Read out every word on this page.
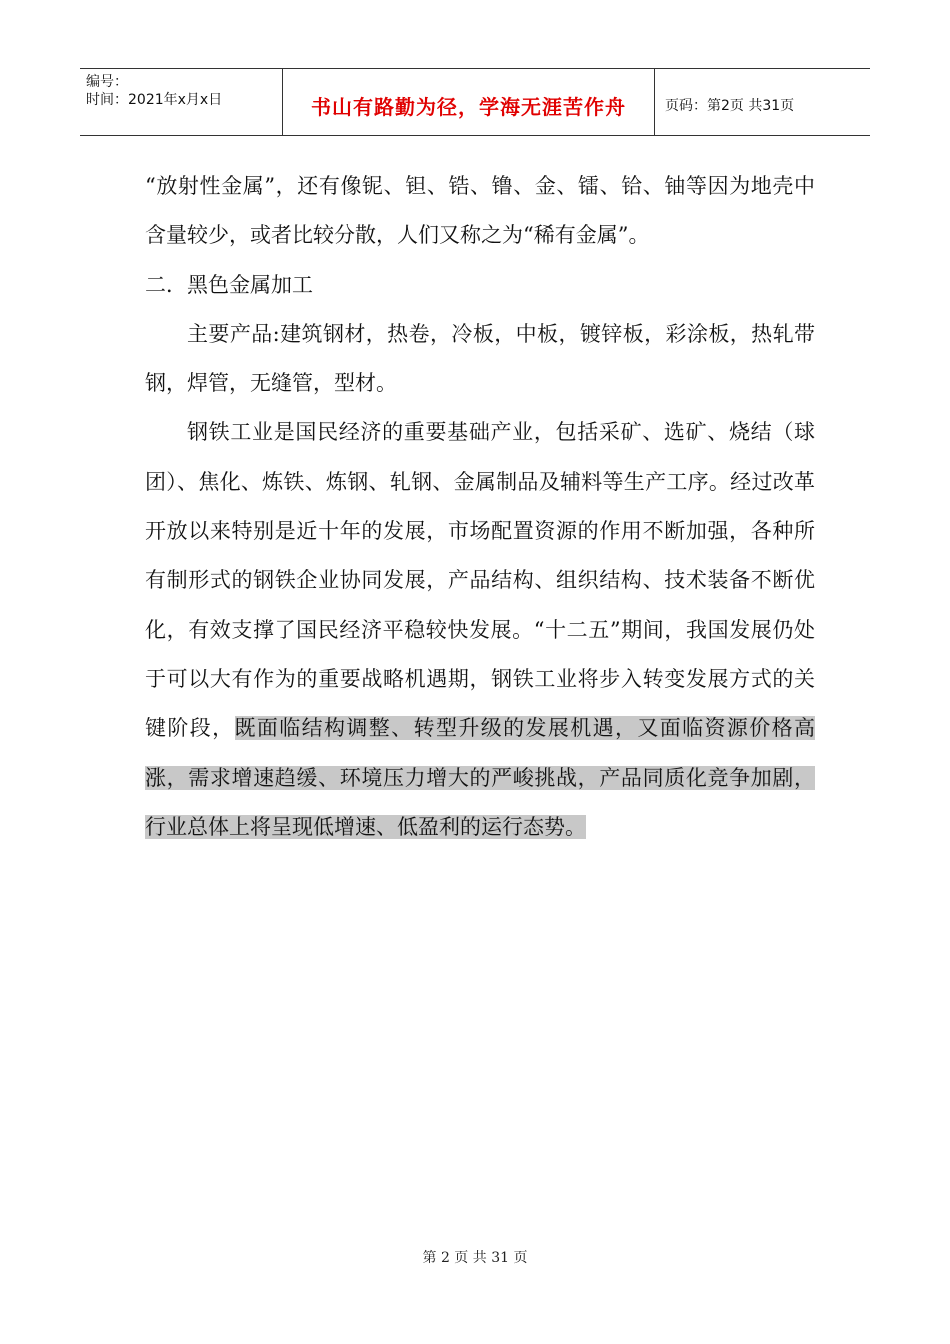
编号：
时间：2021年x月x日	书山有路勤为径，学海无涯苦作舟	页码：第2页 共31页

“放射性金属”，还有像铌、钽、锆、镥、金、镭、铪、铀等因为地壳中含量较少，或者比较分散，人们又称之为“稀有金属”。

二．黑色金属加工

主要产品:建筑钢材，热卷，冷板，中板，镀锌板，彩涂板，热轧带钢，焊管，无缝管，型材。

钢铁工业是国民经济的重要基础产业，包括采矿、选矿、烧结（球团）、焦化、炼铁、炼钢、轧钢、金属制品及辅料等生产工序。经过改革开放以来特别是近十年的发展，市场配置资源的作用不断加强，各种所有制形式的钢铁企业协同发展，产品结构、组织结构、技术装备不断优化，有效支撑了国民经济平稳较快发展。“十二五”期间，我国发展仍处于可以大有作为的重要战略机遇期，钢铁工业将步入转变发展方式的关键阶段，既面临结构调整、转型升级的发展机遇，又面临资源价格高涨，需求增速趋缓、环境压力增大的严峻挑战，产品同质化竞争加剧，行业总体上将呈现低增速、低盈利的运行态势。

第 2 页 共 31 页
